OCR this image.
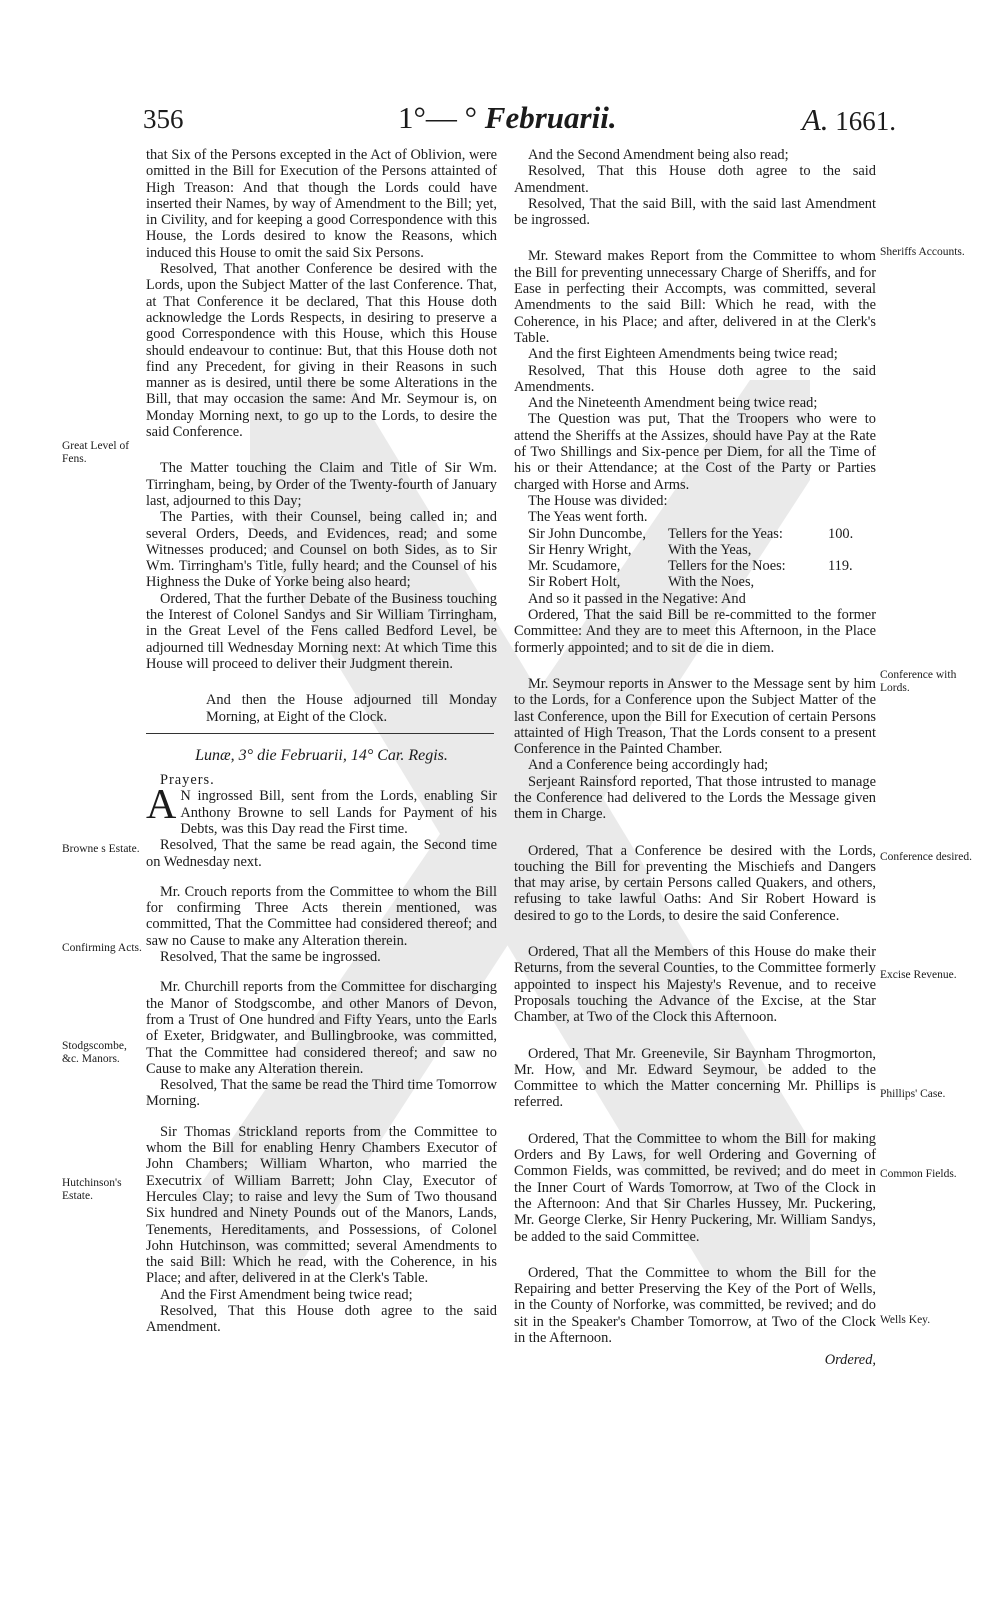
356	1°— ° Februarii.	A. 1661.
Great Level of Fens.
Browne s Estate.
Confirming Acts.
Stodgscombe, &c. Manors.
Hutchinson's Estate.
Sheriffs Accounts.
Conference with Lords.
Conference desired.
Excise Revenue.
Phillips' Case.
Common Fields.
Wells Key.

that Six of the Persons excepted in the Act of Oblivion, were omitted in the Bill for Execution of the Persons attainted of High Treason: And that though the Lords could have inserted their Names, by way of Amendment to the Bill; yet, in Civility, and for keeping a good Correspondence with this House, the Lords desired to know the Reasons, which induced this House to omit the said Six Persons.

Resolved, That another Conference be desired with the Lords, upon the Subject Matter of the last Conference. That, at That Conference it be declared, That this House doth acknowledge the Lords Respects, in desiring to preserve a good Correspondence with this House, which this House should endeavour to continue: But, that this House doth not find any Precedent, for giving in their Reasons in such manner as is desired, until there be some Alterations in the Bill, that may occasion the same: And Mr. Seymour is, on Monday Morning next, to go up to the Lords, to desire the said Conference.

The Matter touching the Claim and Title of Sir Wm. Tirringham, being, by Order of the Twenty-fourth of January last, adjourned to this Day;

The Parties, with their Counsel, being called in; and several Orders, Deeds, and Evidences, read; and some Witnesses produced; and Counsel on both Sides, as to Sir Wm. Tirringham's Title, fully heard; and the Counsel of his Highness the Duke of Yorke being also heard;

Ordered, That the further Debate of the Business touching the Interest of Colonel Sandys and Sir William Tirringham, in the Great Level of the Fens called Bedford Level, be adjourned till Wednesday Morning next: At which Time this House will proceed to deliver their Judgment therein.

And then the House adjourned till Monday Morning, at Eight of the Clock.

Lunæ, 3° die Februarii, 14° Car. Regis.
Prayers.

A N ingrossed Bill, sent from the Lords, enabling Sir Anthony Browne to sell Lands for Payment of his Debts, was this Day read the First time.

Resolved, That the same be read again, the Second time on Wednesday next.

Mr. Crouch reports from the Committee to whom the Bill for confirming Three Acts therein mentioned, was committed, That the Committee had considered thereof; and saw no Cause to make any Alteration therein.

Resolved, That the same be ingrossed.

Mr. Churchill reports from the Committee for discharging the Manor of Stodgscombe, and other Manors of Devon, from a Trust of One hundred and Fifty Years, unto the Earls of Exeter, Bridgwater, and Bullingbrooke, was committed, That the Committee had considered thereof; and saw no Cause to make any Alteration therein.

Resolved, That the same be read the Third time Tomorrow Morning.

Sir Thomas Strickland reports from the Committee to whom the Bill for enabling Henry Chambers Executor of John Chambers; William Wharton, who married the Executrix of William Barrett; John Clay, Executor of Hercules Clay; to raise and levy the Sum of Two thousand Six hundred and Ninety Pounds out of the Manors, Lands, Tenements, Hereditaments, and Possessions, of Colonel John Hutchinson, was committed; several Amendments to the said Bill: Which he read, with the Coherence, in his Place; and after, delivered in at the Clerk's Table.

And the First Amendment being twice read;

Resolved, That this House doth agree to the said Amendment.

And the Second Amendment being also read;

Resolved, That this House doth agree to the said Amendment.

Resolved, That the said Bill, with the said last Amendment be ingrossed.

Mr. Steward makes Report from the Committee to whom the Bill for preventing unnecessary Charge of Sheriffs, and for Ease in perfecting their Accompts, was committed, several Amendments to the said Bill: Which he read, with the Coherence, in his Place; and after, delivered in at the Clerk's Table.

And the first Eighteen Amendments being twice read;

Resolved, That this House doth agree to the said Amendments.

And the Nineteenth Amendment being twice read;

The Question was put, That the Troopers who were to attend the Sheriffs at the Assizes, should have Pay at the Rate of Two Shillings and Six-pence per Diem, for all the Time of his or their Attendance; at the Cost of the Party or Parties charged with Horse and Arms.

The House was divided:

The Yeas went forth.

Sir John Duncombe,	Tellers for the Yeas:	100.
Sir Henry Wright,	With the Yeas,
Mr. Scudamore,	Tellers for the Noes:	119.
Sir Robert Holt,	With the Noes,

And so it passed in the Negative: And

Ordered, That the said Bill be re-committed to the former Committee: And they are to meet this Afternoon, in the Place formerly appointed; and to sit de die in diem.

Mr. Seymour reports in Answer to the Message sent by him to the Lords, for a Conference upon the Subject Matter of the last Conference, upon the Bill for Execution of certain Persons attainted of High Treason, That the Lords consent to a present Conference in the Painted Chamber.

And a Conference being accordingly had;

Serjeant Rainsford reported, That those intrusted to manage the Conference had delivered to the Lords the Message given them in Charge.

Ordered, That a Conference be desired with the Lords, touching the Bill for preventing the Mischiefs and Dangers that may arise, by certain Persons called Quakers, and others, refusing to take lawful Oaths: And Sir Robert Howard is desired to go to the Lords, to desire the said Conference.

Ordered, That all the Members of this House do make their Returns, from the several Counties, to the Committee formerly appointed to inspect his Majesty's Revenue, and to receive Proposals touching the Advance of the Excise, at the Star Chamber, at Two of the Clock this Afternoon.

Ordered, That Mr. Greenevile, Sir Baynham Throgmorton, Mr. How, and Mr. Edward Seymour, be added to the Committee to which the Matter concerning Mr. Phillips is referred.

Ordered, That the Committee to whom the Bill for making Orders and By Laws, for well Ordering and Governing of Common Fields, was committed, be revived; and do meet in the Inner Court of Wards Tomorrow, at Two of the Clock in the Afternoon: And that Sir Charles Hussey, Mr. Puckering, Mr. George Clerke, Sir Henry Puckering, Mr. William Sandys, be added to the said Committee.

Ordered, That the Committee to whom the Bill for the Repairing and better Preserving the Key of the Port of Wells, in the County of Norforke, was committed, be revived; and do sit in the Speaker's Chamber Tomorrow, at Two of the Clock in the Afternoon.

Ordered,
